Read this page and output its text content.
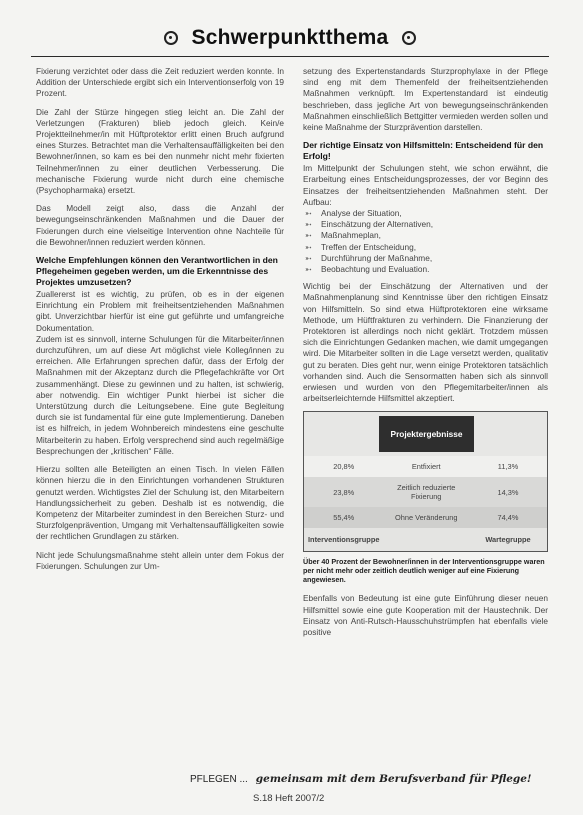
Schwerpunktthema

Fixierung verzichtet oder dass die Zeit reduziert werden konnte. In Addition der Unterschiede ergibt sich ein Interventionserfolg von 19 Prozent.

Die Zahl der Stürze hingegen stieg leicht an. Die Zahl der Verletzungen (Frakturen) blieb jedoch gleich. Kein/e Projektteilnehmer/in mit Hüftprotektor erlitt einen Bruch aufgrund eines Sturzes. Betrachtet man die Verhaltensauffälligkeiten bei den Bewohner/innen, so kam es bei den nunmehr nicht mehr fixierten Teilnehmer/innen zu einer deutlichen Verbesserung. Die mechanische Fixierung wurde nicht durch eine chemische (Psychopharmaka) ersetzt.

Das Modell zeigt also, dass die Anzahl der bewegungseinschränkenden Maßnahmen und die Dauer der Fixierungen durch eine vielseitige Intervention ohne Nachteile für die Bewohner/innen reduziert werden können.

Welche Empfehlungen können den Verantwortlichen in den Pflegeheimen gegeben werden, um die Erkenntnisse des Projektes umzusetzen?

Zuallererst ist es wichtig, zu prüfen, ob es in der eigenen Einrichtung ein Problem mit freiheitsentziehenden Maßnahmen gibt. Unverzichtbar hierfür ist eine gut geführte und umfangreiche Dokumentation.

Zudem ist es sinnvoll, interne Schulungen für die Mitarbeiter/innen durchzuführen, um auf diese Art möglichst viele Kolleg/innen zu erreichen. Alle Erfahrungen sprechen dafür, dass der Erfolg der Maßnahmen mit der Akzeptanz durch die Pflegefachkräfte vor Ort zusammenhängt. Diese zu gewinnen und zu halten, ist schwierig, aber notwendig. Ein wichtiger Punkt hierbei ist sicher die Unterstützung durch die Leitungsebene. Eine gute Begleitung durch sie ist fundamental für eine gute Implementierung. Daneben ist es hilfreich, in jedem Wohnbereich mindestens eine geschulte Mitarbeiterin zu haben. Erfolg versprechend sind auch regelmäßige Besprechungen der „kritischen“ Fälle.

Hierzu sollten alle Beteiligten an einen Tisch. In vielen Fällen können hierzu die in den Einrichtungen vorhandenen Strukturen genutzt werden. Wichtigstes Ziel der Schulung ist, den Mitarbeitern Handlungssicherheit zu geben. Deshalb ist es notwendig, die Kompetenz der Mitarbeiter zumindest in den Bereichen Sturz- und Sturzfolgenprävention, Umgang mit Verhaltensauffälligkeiten sowie der rechtlichen Grundlagen zu stärken.

Nicht jede Schulungsmaßnahme steht allein unter dem Fokus der Fixierungen. Schulungen zur Um-

setzung des Expertenstandards Sturzprophylaxe in der Pflege sind eng mit dem Themenfeld der freiheitsentziehenden Maßnahmen verknüpft. Im Expertenstandard ist eindeutig beschrieben, dass jegliche Art von bewegungseinschränkenden Maßnahmen einschließlich Bettgitter vermieden werden sollen und keine Maßnahme der Sturzprävention darstellen.

Der richtige Einsatz von Hilfsmitteln: Entscheidend für den Erfolg!

Im Mittelpunkt der Schulungen steht, wie schon erwähnt, die Erarbeitung eines Entscheidungsprozesses, der vor Beginn des Einsatzes der freiheitsentziehenden Maßnahmen steht. Der Aufbau:

➵ Analyse der Situation,
➵ Einschätzung der Alternativen,
➵ Maßnahmeplan,
➵ Treffen der Entscheidung,
➵ Durchführung der Maßnahme,
➵ Beobachtung und Evaluation.

Wichtig bei der Einschätzung der Alternativen und der Maßnahmenplanung sind Kenntnisse über den richtigen Einsatz von Hilfsmitteln. So sind etwa Hüftprotektoren eine wirksame Methode, um Hüftfrakturen zu verhindern. Die Finanzierung der Protektoren ist allerdings noch nicht geklärt. Trotzdem müssen sich die Einrichtungen Gedanken machen, wie damit umgegangen wird. Die Mitarbeiter sollten in die Lage versetzt werden, qualitativ gut zu beraten. Dies geht nur, wenn einige Protektoren tatsächlich vorhanden sind. Auch die Sensormatten haben sich als sinnvoll erwiesen und wurden von den Pflegemitarbeiter/innen als arbeitserleichternde Hilfsmittel akzeptiert.

Projektergebnisse
20,8%	Entfixiert	11,3%
23,8%	Zeitlich reduzierte Fixierung	14,3%
55,4%	Ohne Veränderung	74,4%
Interventionsgruppe		Wartegruppe
Über 40 Prozent der Bewohner/innen in der Interventionsgruppe waren per nicht mehr oder zeitlich deutlich weniger auf eine Fixierung angewiesen.

Ebenfalls von Bedeutung ist eine gute Einführung dieser neuen Hilfsmittel sowie eine gute Kooperation mit der Haustechnik. Der Einsatz von Anti-Rutsch-Hausschuhstrümpfen hat ebenfalls viele positive

PFLEGEN ... gemeinsam mit dem Berufsverband für Pflege!
S.18 Heft 2007/2
